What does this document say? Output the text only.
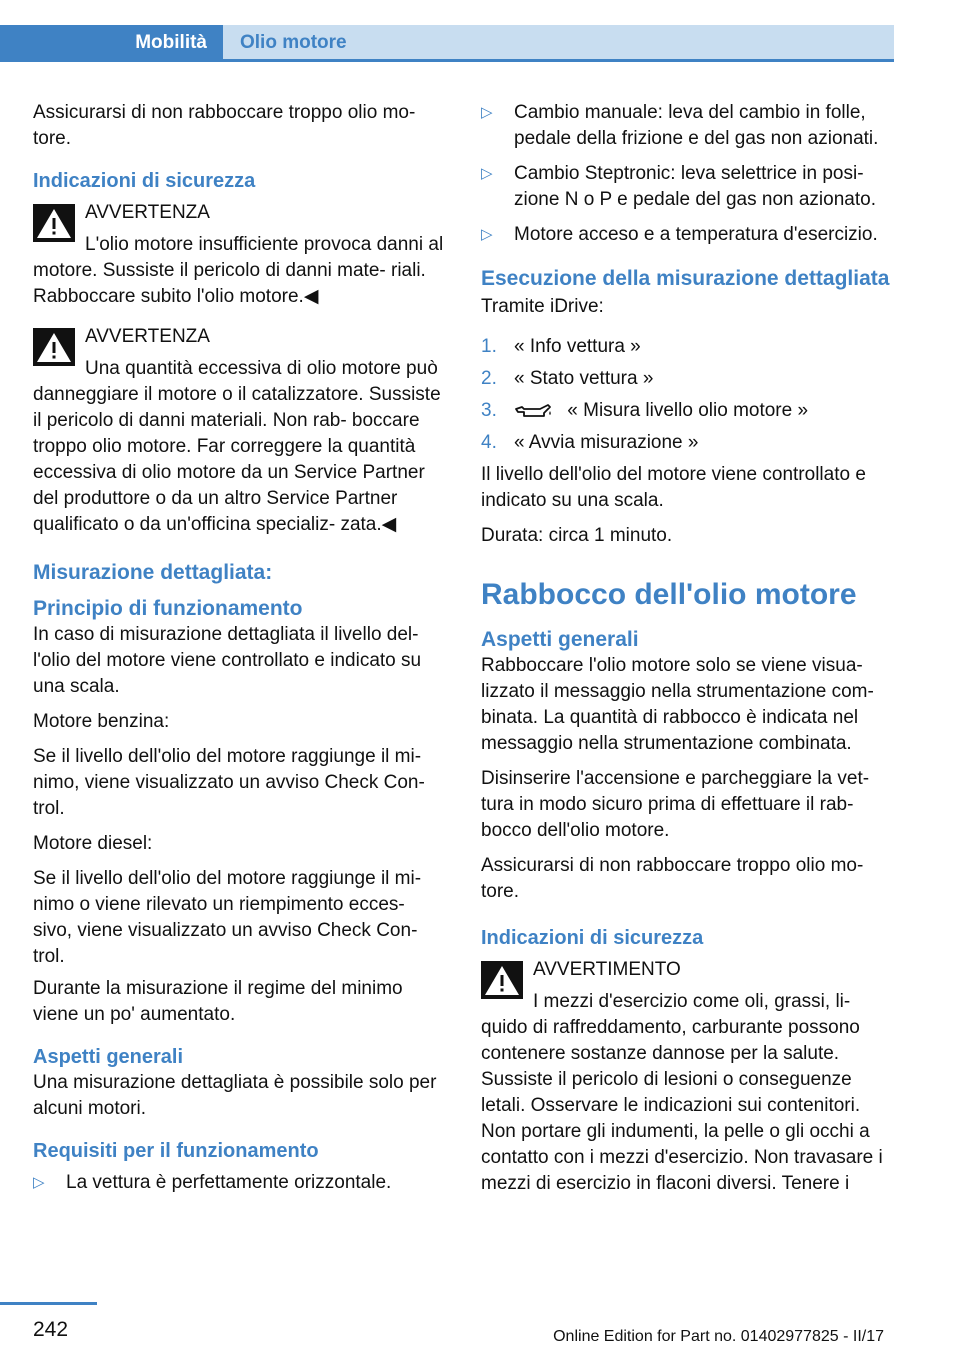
Mobilità	Olio motore

Assicurarsi di non rabboccare troppo olio mo‐ tore.

Indicazioni di sicurezza

AVVERTENZA

L'olio motore insufficiente provoca danni al motore. Sussiste il pericolo di danni mate‐ riali. Rabboccare subito l'olio motore.◀

AVVERTENZA

Una quantità eccessiva di olio motore può danneggiare il motore o il catalizzatore. Sussiste il pericolo di danni materiali. Non rab‐ boccare troppo olio motore. Far correggere la quantità eccessiva di olio motore da un Service Partner del produttore o da un altro Service Partner qualificato o da un'officina specializ‐ zata.◀

Misurazione dettagliata:
Principio di funzionamento

In caso di misurazione dettagliata il livello del‐ l'olio del motore viene controllato e indicato su una scala.

Motore benzina:

Se il livello dell'olio del motore raggiunge il mi‐ nimo, viene visualizzato un avviso Check Con‐ trol.

Motore diesel:

Se il livello dell'olio del motore raggiunge il mi‐ nimo o viene rilevato un riempimento ecces‐ sivo, viene visualizzato un avviso Check Con‐ trol.

Durante la misurazione il regime del minimo viene un po' aumentato.

Aspetti generali

Una misurazione dettagliata è possibile solo per alcuni motori.

Requisiti per il funzionamento
▷ La vettura è perfettamente orizzontale.
▷ Cambio manuale: leva del cambio in folle, pedale della frizione e del gas non azionati.
▷ Cambio Steptronic: leva selettrice in posi‐ zione N o P e pedale del gas non azionato.
▷ Motore acceso e a temperatura d'esercizio.
Esecuzione della misurazione dettagliata

Tramite iDrive:

1. « Info vettura »
2. « Stato vettura »
3.	« Misura livello olio motore »
4. « Avvia misurazione »

Il livello dell'olio del motore viene controllato e indicato su una scala.

Durata: circa 1 minuto.

Rabbocco dell'olio motore
Aspetti generali

Rabboccare l'olio motore solo se viene visua‐ lizzato il messaggio nella strumentazione com‐ binata. La quantità di rabbocco è indicata nel messaggio nella strumentazione combinata.

Disinserire l'accensione e parcheggiare la vet‐ tura in modo sicuro prima di effettuare il rab‐ bocco dell'olio motore.

Assicurarsi di non rabboccare troppo olio mo‐ tore.

Indicazioni di sicurezza

AVVERTIMENTO

I mezzi d'esercizio come oli, grassi, li‐ quido di raffreddamento, carburante possono contenere sostanze dannose per la salute. Sussiste il pericolo di lesioni o conseguenze letali. Osservare le indicazioni sui contenitori. Non portare gli indumenti, la pelle o gli occhi a contatto con i mezzi d'esercizio. Non travasare i mezzi di esercizio in flaconi diversi. Tenere i

242	Online Edition for Part no. 01402977825 - II/17
